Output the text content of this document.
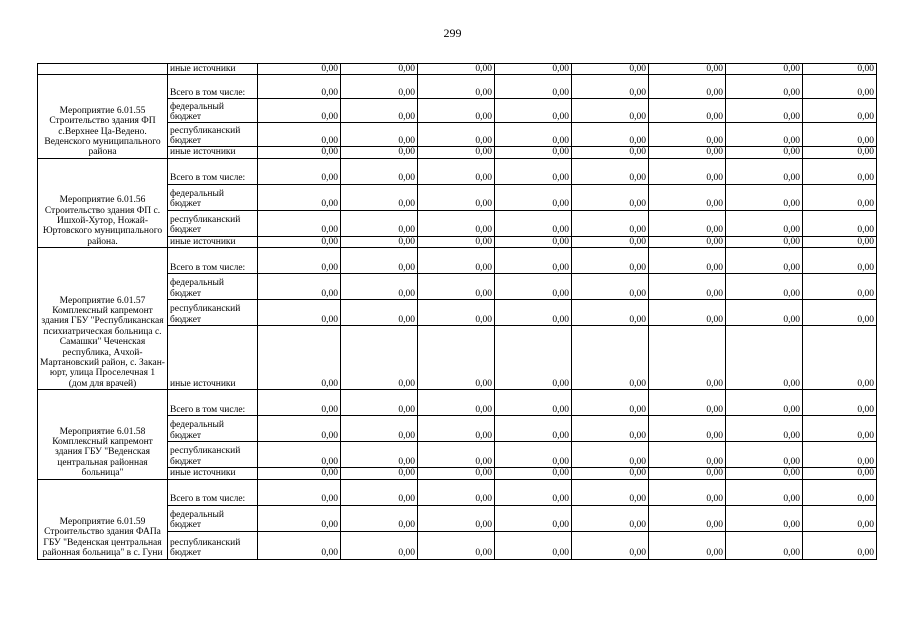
299
	иные источники	0,00	0,00	0,00	0,00	0,00	0,00	0,00	0,00
Мероприятие 6.01.55 Строительство здания ФП с.Верхнее Ца-Ведено. Веденского муниципального района	Всего в том числе:	0,00	0,00	0,00	0,00	0,00	0,00	0,00	0,00
	федеральный бюджет	0,00	0,00	0,00	0,00	0,00	0,00	0,00	0,00
	республиканский бюджет	0,00	0,00	0,00	0,00	0,00	0,00	0,00	0,00
	иные источники	0,00	0,00	0,00	0,00	0,00	0,00	0,00	0,00
Мероприятие 6.01.56 Строительство здания ФП с. Ишхой-Хутор, Ножай-Юртовского муниципального района.	Всего в том числе:	0,00	0,00	0,00	0,00	0,00	0,00	0,00	0,00
	федеральный бюджет	0,00	0,00	0,00	0,00	0,00	0,00	0,00	0,00
	республиканский бюджет	0,00	0,00	0,00	0,00	0,00	0,00	0,00	0,00
	иные источники	0,00	0,00	0,00	0,00	0,00	0,00	0,00	0,00
Мероприятие 6.01.57 Комплексный капремонт здания ГБУ "Республиканская психиатрическая больница с. Самашки" Чеченская республика, Ачхой-Мартановский район, с. Закан-юрт, улица Проселечная 1 (дом для врачей)	Всего в том числе:	0,00	0,00	0,00	0,00	0,00	0,00	0,00	0,00
	федеральный бюджет	0,00	0,00	0,00	0,00	0,00	0,00	0,00	0,00
	республиканский бюджет	0,00	0,00	0,00	0,00	0,00	0,00	0,00	0,00
	иные источники	0,00	0,00	0,00	0,00	0,00	0,00	0,00	0,00
Мероприятие 6.01.58 Комплексный капремонт здания ГБУ "Веденская центральная районная больница"	Всего в том числе:	0,00	0,00	0,00	0,00	0,00	0,00	0,00	0,00
	федеральный бюджет	0,00	0,00	0,00	0,00	0,00	0,00	0,00	0,00
	республиканский бюджет	0,00	0,00	0,00	0,00	0,00	0,00	0,00	0,00
	иные источники	0,00	0,00	0,00	0,00	0,00	0,00	0,00	0,00
Мероприятие 6.01.59 Строительство здания ФАПа ГБУ "Веденская центральная районная больница" в с. Гуни	Всего в том числе:	0,00	0,00	0,00	0,00	0,00	0,00	0,00	0,00
	федеральный бюджет	0,00	0,00	0,00	0,00	0,00	0,00	0,00	0,00
	республиканский бюджет	0,00	0,00	0,00	0,00	0,00	0,00	0,00	0,00
